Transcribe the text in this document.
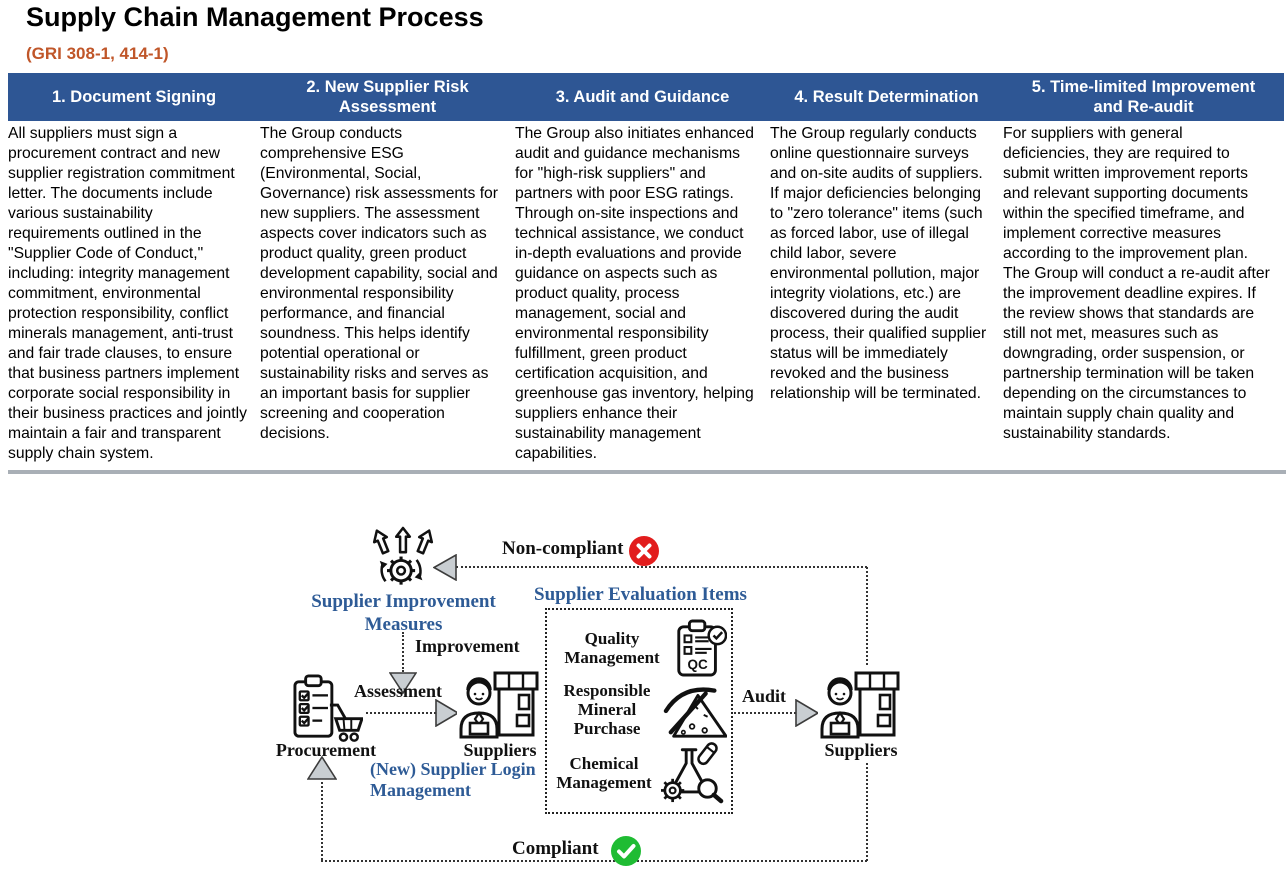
Supply Chain Management Process
(GRI 308-1, 414-1)
1. Document Signing	2. New Supplier Risk Assessment	3. Audit and Guidance	4. Result Determination	5. Time-limited Improvement and Re-audit
All suppliers must sign a procurement contract and new supplier registration commitment letter. The documents include various sustainability requirements outlined in the "Supplier Code of Conduct," including: integrity management commitment, environmental protection responsibility, conflict minerals management, anti-trust and fair trade clauses, to ensure that business partners implement corporate social responsibility in their business practices and jointly maintain a fair and transparent supply chain system.	The Group conducts comprehensive ESG (Environmental, Social, Governance) risk assessments for new suppliers. The assessment aspects cover indicators such as product quality, green product development capability, social and environmental responsibility performance, and financial soundness. This helps identify potential operational or sustainability risks and serves as an important basis for supplier screening and cooperation decisions.	The Group also initiates enhanced audit and guidance mechanisms for "high-risk suppliers" and partners with poor ESG ratings. Through on-site inspections and technical assistance, we conduct in-depth evaluations and provide guidance on aspects such as product quality, process management, social and environmental responsibility fulfillment, green product certification acquisition, and greenhouse gas inventory, helping suppliers enhance their sustainability management capabilities.	The Group regularly conducts online questionnaire surveys and on-site audits of suppliers. If major deficiencies belonging to "zero tolerance" items (such as forced labor, use of illegal child labor, severe environmental pollution, major integrity violations, etc.) are discovered during the audit process, their qualified supplier status will be immediately revoked and the business relationship will be terminated.	For suppliers with general deficiencies, they are required to submit written improvement reports and relevant supporting documents within the specified timeframe, and implement corrective measures according to the improvement plan. The Group will conduct a re-audit after the improvement deadline expires. If the review shows that standards are still not met, measures such as downgrading, order suspension, or partnership termination will be taken depending on the circumstances to maintain supply chain quality and sustainability standards.
Non-compliant
Supplier Improvement Measures
Supplier Evaluation Items
(New) Supplier Login Management
Improvement
Assessment	Audit
Procurement	Suppliers
Quality Management	QC
Responsible Mineral Purchase
Chemical Management
Suppliers
Compliant
